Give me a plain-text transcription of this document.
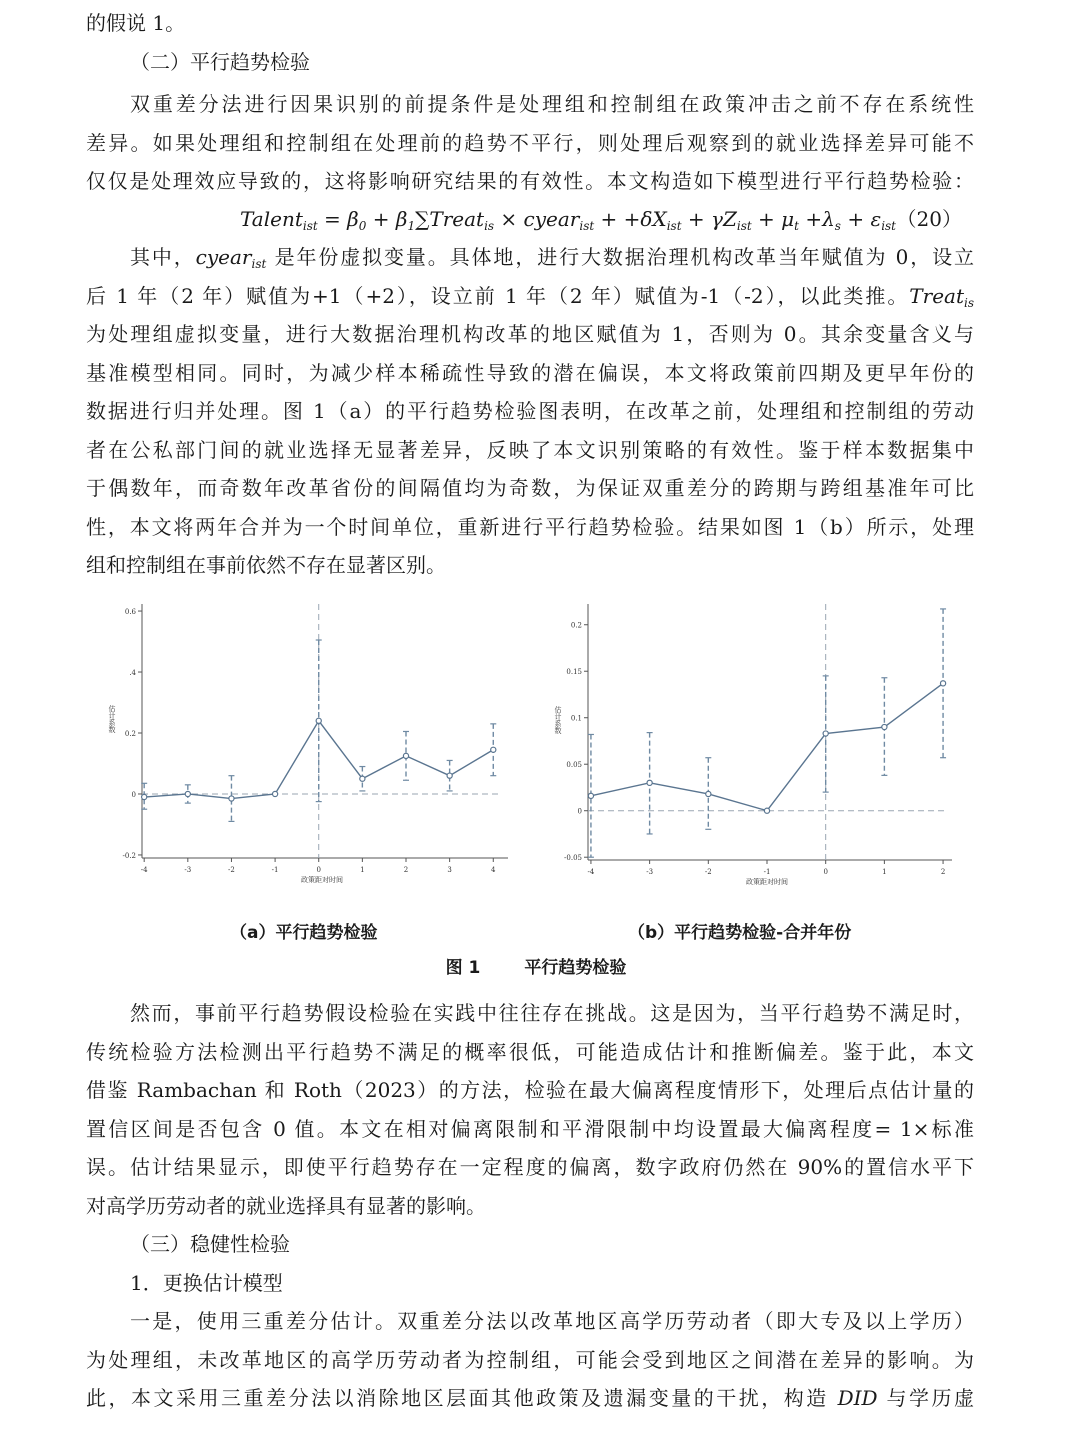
的假说 1。
（二）平行趋势检验
双重差分法进行因果识别的前提条件是处理组和控制组在政策冲击之前不存在系统性
差异。如果处理组和控制组在处理前的趋势不平行，则处理后观察到的就业选择差异可能不
仅仅是处理效应导致的，这将影响研究结果的有效性。本文构造如下模型进行平行趋势检验：
Talent$_{ist}$ = $\beta_0$ + $\beta_1\sum Treat_{is}$ × cyear$_{ist}$ + $+\delta X_{ist} + \gamma Z_{ist} + \mu_t +\lambda_s + \varepsilon_{ist}$ （20）
其中，cyear$_{ist}$ 是年份虚拟变量。具体地，进行大数据治理机构改革当年赋值为 0，设立
后 1 年（2 年）赋值为+1（+2），设立前 1 年（2 年）赋值为-1（-2），以此类推。Treat$_{is}$
为处理组虚拟变量，进行大数据治理机构改革的地区赋值为 1，否则为 0。其余变量含义与
基准模型相同。同时，为减少样本稀疏性导致的潜在偏误，本文将政策前四期及更早年份的
数据进行归并处理。图 1（a）的平行趋势检验图表明，在改革之前，处理组和控制组的劳动
者在公私部门间的就业选择无显著差异，反映了本文识别策略的有效性。鉴于样本数据集中
于偶数年，而奇数年改革省份的间隔值均为奇数，为保证双重差分的跨期与跨组基准年可比
性，本文将两年合并为一个时间单位，重新进行平行趋势检验。结果如图 1（b）所示，处理
组和控制组在事前依然不存在显著区别。
-0.2
0
0.2
.4
0.6
-4	-3	-2	-1	0	1	2	3	4
政策距对时间
估计系数
-0.05
0
0.05
0.1
0.15
0.2
-4	-3	-2	-1	0	1	2
政策距对时间
估计系数
（a）平行趋势检验	（b）平行趋势检验-合并年份
图 1	平行趋势检验
然而，事前平行趋势假设检验在实践中往往存在挑战。这是因为，当平行趋势不满足时，
传统检验方法检测出平行趋势不满足的概率很低，可能造成估计和推断偏差。鉴于此，本文
借鉴 Rambachan 和 Roth（2023）的方法，检验在最大偏离程度情形下，处理后点估计量的
置信区间是否包含 0 值。本文在相对偏离限制和平滑限制中均设置最大偏离程度= 1×标准
误。估计结果显示，即使平行趋势存在一定程度的偏离，数字政府仍然在 90%的置信水平下
对高学历劳动者的就业选择具有显著的影响。
（三）稳健性检验
1．更换估计模型
一是，使用三重差分估计。双重差分法以改革地区高学历劳动者（即大专及以上学历）
为处理组，未改革地区的高学历劳动者为控制组，可能会受到地区之间潜在差异的影响。为
此，本文采用三重差分法以消除地区层面其他政策及遗漏变量的干扰，构造 DID 与学历虚
